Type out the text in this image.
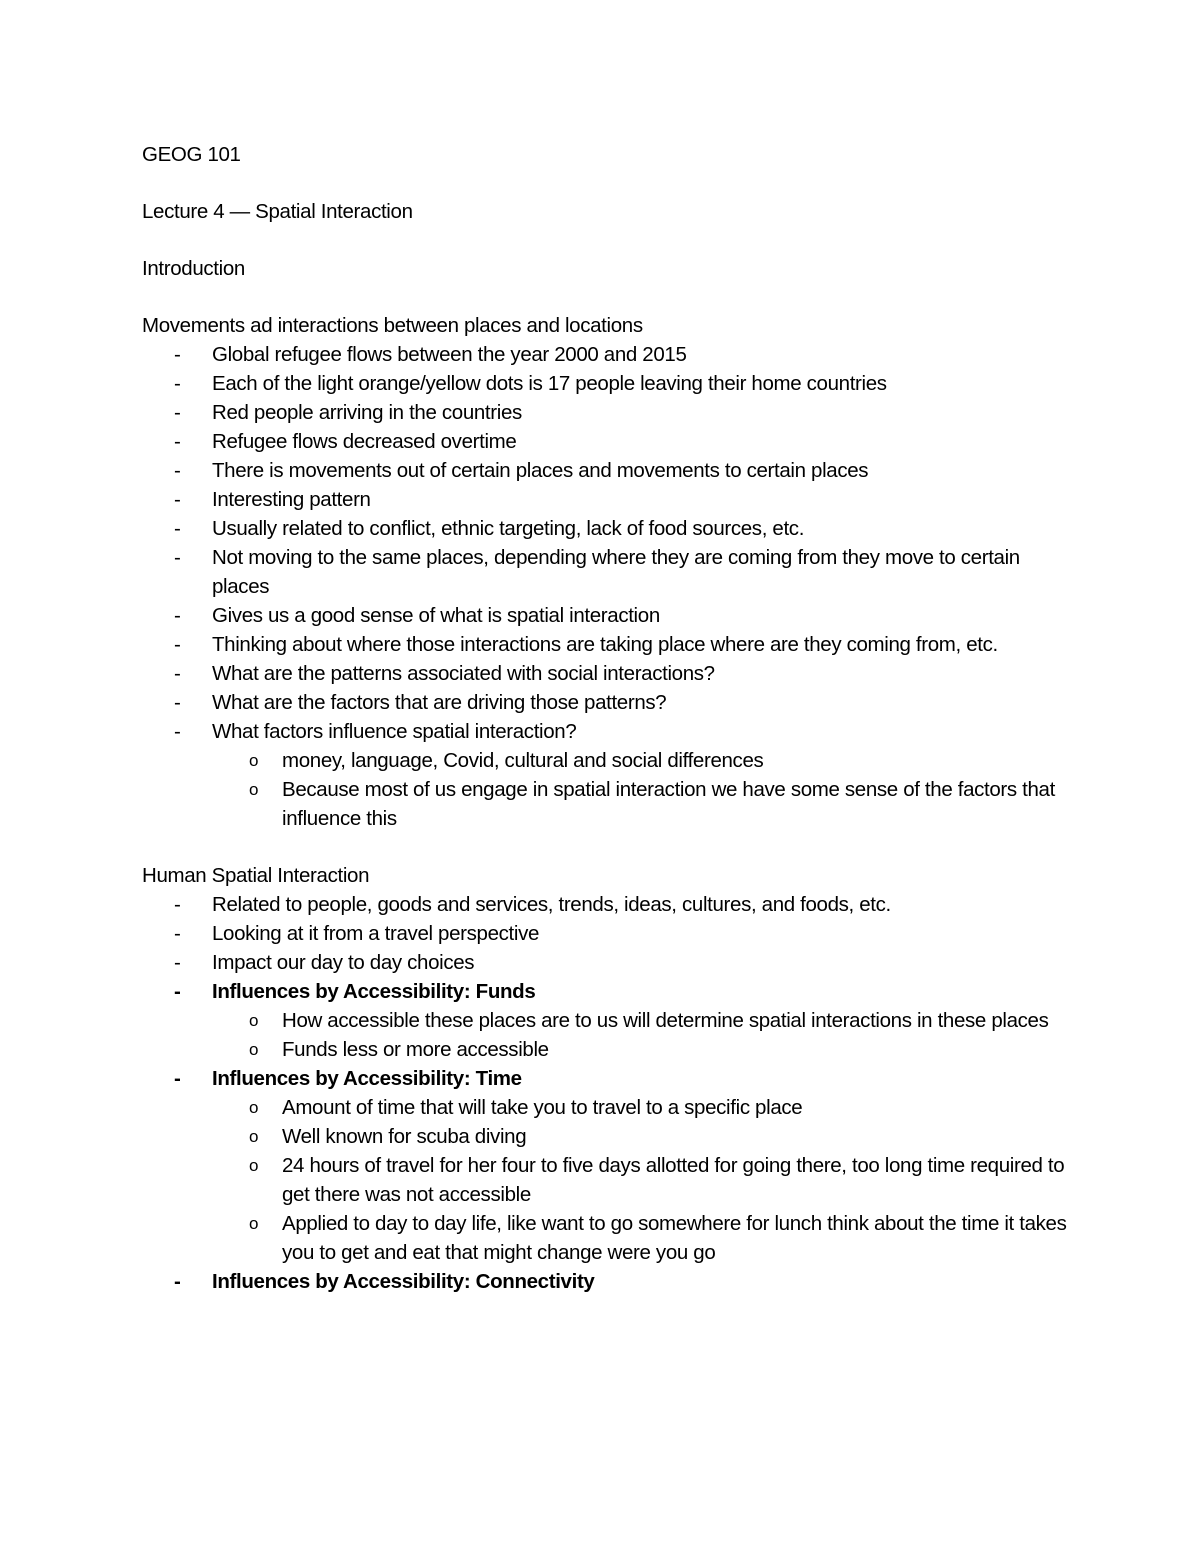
GEOG 101

Lecture 4 — Spatial Interaction

Introduction

Movements ad interactions between places and locations

-	Global refugee flows between the year 2000 and 2015
-	Each of the light orange/yellow dots is 17 people leaving their home countries
-	Red people arriving in the countries
-	Refugee flows decreased overtime
-	There is movements out of certain places and movements to certain places
-	Interesting pattern
-	Usually related to conflict, ethnic targeting, lack of food sources, etc.
-	Not moving to the same places, depending where they are coming from they move to certain places
-	Gives us a good sense of what is spatial interaction
-	Thinking about where those interactions are taking place where are they coming from, etc.
-	What are the patterns associated with social interactions?
-	What are the factors that are driving those patterns?
-	What factors influence spatial interaction?
o	money, language, Covid, cultural and social differences
o	Because most of us engage in spatial interaction we have some sense of the factors that influence this

Human Spatial Interaction

-	Related to people, goods and services, trends, ideas, cultures, and foods, etc.
-	Looking at it from a travel perspective
-	Impact our day to day choices
-	Influences by Accessibility: Funds
o	How accessible these places are to us will determine spatial interactions in these places
o	Funds less or more accessible
-	Influences by Accessibility: Time
o	Amount of time that will take you to travel to a specific place
o	Well known for scuba diving
o	24 hours of travel for her four to five days allotted for going there, too long time required to get there was not accessible
o	Applied to day to day life, like want to go somewhere for lunch think about the time it takes you to get and eat that might change were you go
-	Influences by Accessibility: Connectivity
